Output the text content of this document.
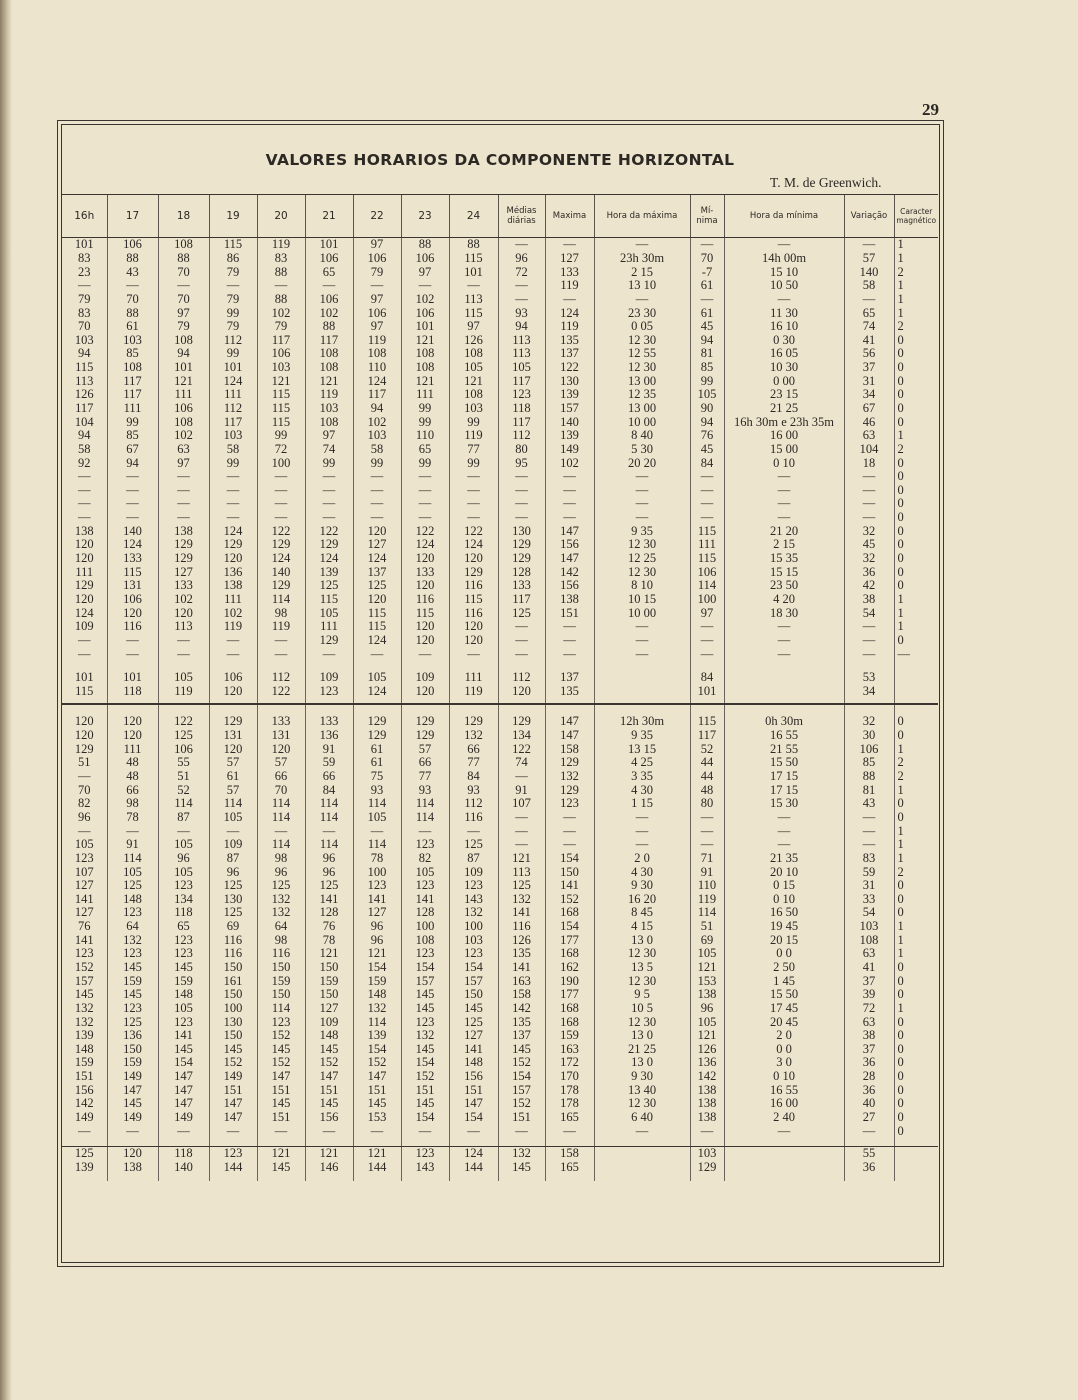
29
VALORES HORARIOS DA COMPONENTE HORIZONTAL
T. M. de Greenwich.
16h	17	18	19	20	21	22	23	24	Médias diárias	Maxima	Hora da máxima	Mí-nima	Hora da mínima	Variação	Caracter magnético
101	106	108	115	119	101	97	88	88	—	—	—	—	—	—	1
83	88	88	86	83	106	106	106	115	96	127	23h 30m	70	14h 00m	57	1
23	43	70	79	88	65	79	97	101	72	133	2 15	-7	15 10	140	2
—	—	—	—	—	—	—	—	—	—	119	13 10	61	10 50	58	1
79	70	70	79	88	106	97	102	113	—	—	—	—	—	—	1
83	88	97	99	102	102	106	106	115	93	124	23 30	61	11 30	65	1
70	61	79	79	79	88	97	101	97	94	119	0 05	45	16 10	74	2
103	103	108	112	117	117	119	121	126	113	135	12 30	94	0 30	41	0
94	85	94	99	106	108	108	108	108	113	137	12 55	81	16 05	56	0
115	108	101	101	103	108	110	108	105	105	122	12 30	85	10 30	37	0
113	117	121	124	121	121	124	121	121	117	130	13 00	99	0 00	31	0
126	117	111	111	115	119	117	111	108	123	139	12 35	105	23 15	34	0
117	111	106	112	115	103	94	99	103	118	157	13 00	90	21 25	67	0
104	99	108	117	115	108	102	99	99	117	140	10 00	94	16h 30m e 23h 35m	46	0
94	85	102	103	99	97	103	110	119	112	139	8 40	76	16 00	63	1
58	67	63	58	72	74	58	65	77	80	149	5 30	45	15 00	104	2
92	94	97	99	100	99	99	99	99	95	102	20 20	84	0 10	18	0
—	—	—	—	—	—	—	—	—	—	—	—	—	—	—	0
—	—	—	—	—	—	—	—	—	—	—	—	—	—	—	0
—	—	—	—	—	—	—	—	—	—	—	—	—	—	—	0
—	—	—	—	—	—	—	—	—	—	—	—	—	—	—	0
138	140	138	124	122	122	120	122	122	130	147	9 35	115	21 20	32	0
120	124	129	129	129	129	127	124	124	129	156	12 30	111	2 15	45	0
120	133	129	120	124	124	124	120	120	129	147	12 25	115	15 35	32	0
111	115	127	136	140	139	137	133	129	128	142	12 30	106	15 15	36	0
129	131	133	138	129	125	125	120	116	133	156	8 10	114	23 50	42	0
120	106	102	111	114	115	120	116	115	117	138	10 15	100	4 20	38	1
124	120	120	102	98	105	115	115	116	125	151	10 00	97	18 30	54	1
109	116	113	119	119	111	115	120	120	—	—	—	—	—	—	1
—	—	—	—	—	129	124	120	120	—	—	—	—	—	—	0
—	—	—	—	—	—	—	—	—	—	—	—	—	—	—	—

101	101	105	106	112	109	105	109	111	112	137		84		53	
115	118	119	120	122	123	124	120	119	120	135		101		34	

120	120	122	129	133	133	129	129	129	129	147	12h 30m	115	0h 30m	32	0
120	120	125	131	131	136	129	129	132	134	147	9 35	117	16 55	30	0
129	111	106	120	120	91	61	57	66	122	158	13 15	52	21 55	106	1
51	48	55	57	57	59	61	66	77	74	129	4 25	44	15 50	85	2
—	48	51	61	66	66	75	77	84	—	132	3 35	44	17 15	88	2
70	66	52	57	70	84	93	93	93	91	129	4 30	48	17 15	81	1
82	98	114	114	114	114	114	114	112	107	123	1 15	80	15 30	43	0
96	78	87	105	114	114	105	114	116	—	—	—	—	—	—	0
—	—	—	—	—	—	—	—	—	—	—	—	—	—	—	1
105	91	105	109	114	114	114	123	125	—	—	—	—	—	—	1
123	114	96	87	98	96	78	82	87	121	154	2 0	71	21 35	83	1
107	105	105	96	96	96	100	105	109	113	150	4 30	91	20 10	59	2
127	125	123	125	125	125	123	123	123	125	141	9 30	110	0 15	31	0
141	148	134	130	132	141	141	141	143	132	152	16 20	119	0 10	33	0
127	123	118	125	132	128	127	128	132	141	168	8 45	114	16 50	54	0
76	64	65	69	64	76	96	100	100	116	154	4 15	51	19 45	103	1
141	132	123	116	98	78	96	108	103	126	177	13 0	69	20 15	108	1
123	123	123	116	116	121	121	123	123	135	168	12 30	105	0 0	63	1
152	145	145	150	150	150	154	154	154	141	162	13 5	121	2 50	41	0
157	159	159	161	159	159	159	157	157	163	190	12 30	153	1 45	37	0
145	145	148	150	150	150	148	145	150	158	177	9 5	138	15 50	39	0
132	123	105	100	114	127	132	145	145	142	168	10 5	96	17 45	72	1
132	125	123	130	123	109	114	123	125	135	168	12 30	105	20 45	63	0
139	136	141	150	152	148	139	132	127	137	159	13 0	121	2 0	38	0
148	150	145	145	145	145	154	145	141	145	163	21 25	126	0 0	37	0
159	159	154	152	152	152	152	154	148	152	172	13 0	136	3 0	36	0
151	149	147	149	147	147	147	152	156	154	170	9 30	142	0 10	28	0
156	147	147	151	151	151	151	151	151	157	178	13 40	138	16 55	36	0
142	145	147	147	145	145	145	145	147	152	178	12 30	138	16 00	40	0
149	149	149	147	151	156	153	154	154	151	165	6 40	138	2 40	27	0
—	—	—	—	—	—	—	—	—	—	—	—	—	—	—	0

125	120	118	123	121	121	121	123	124	132	158		103		55	
139	138	140	144	145	146	144	143	144	145	165		129		36	
